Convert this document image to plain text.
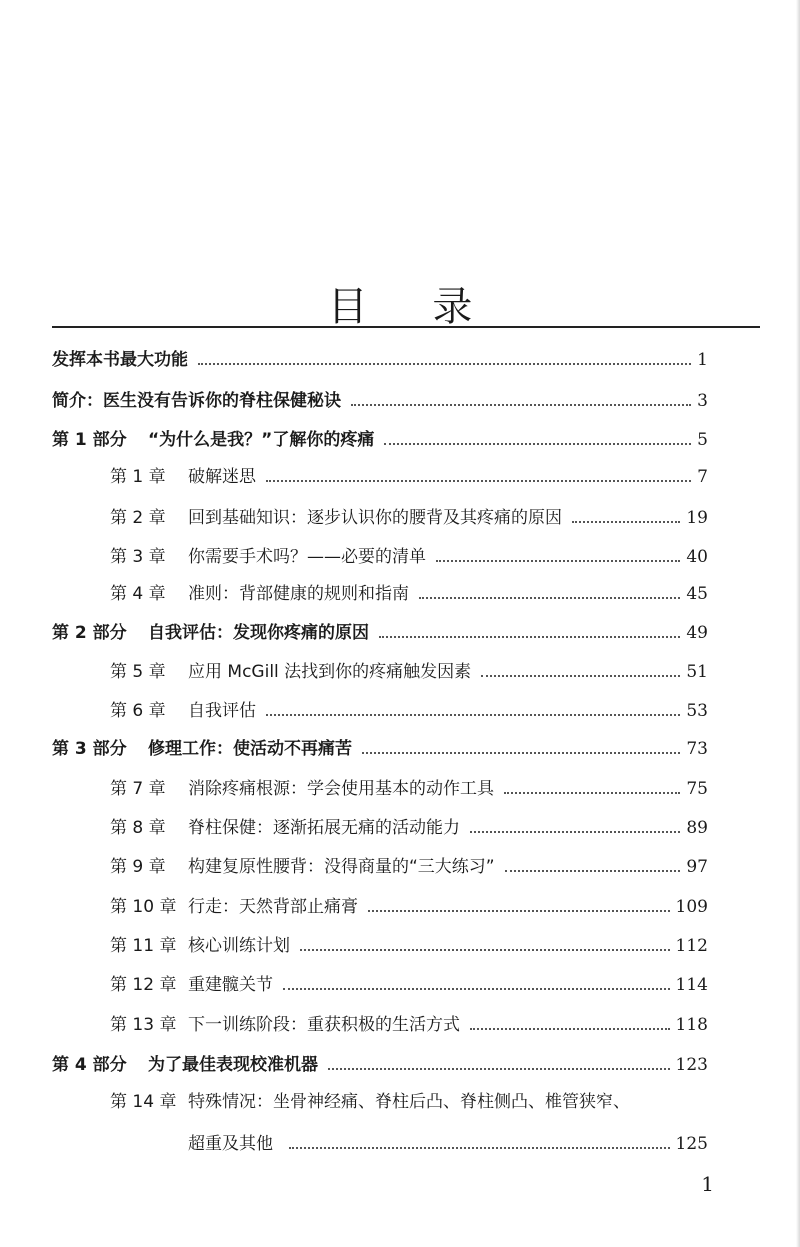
目 录
发挥本书最大功能	1
简介：医生没有告诉你的脊柱保健秘诀	3
第 1 部分	“为什么是我？”了解你的疼痛	5
第 1 章	破解迷思	7
第 2 章	回到基础知识：逐步认识你的腰背及其疼痛的原因	19
第 3 章	你需要手术吗？——必要的清单	40
第 4 章	准则：背部健康的规则和指南	45
第 2 部分	自我评估：发现你疼痛的原因	49
第 5 章	应用 McGill 法找到你的疼痛触发因素	51
第 6 章	自我评估	53
第 3 部分	修理工作：使活动不再痛苦	73
第 7 章	消除疼痛根源：学会使用基本的动作工具	75
第 8 章	脊柱保健：逐渐拓展无痛的活动能力	89
第 9 章	构建复原性腰背：没得商量的“三大练习”	97
第 10 章 行走：天然背部止痛膏	109
第 11 章 核心训练计划	112
第 12 章 重建髋关节	114
第 13 章 下一训练阶段：重获积极的生活方式	118
第 4 部分	为了最佳表现校准机器	123
第 14 章 特殊情况：坐骨神经痛、脊柱后凸、脊柱侧凸、椎管狭窄、
超重及其他	125
1
